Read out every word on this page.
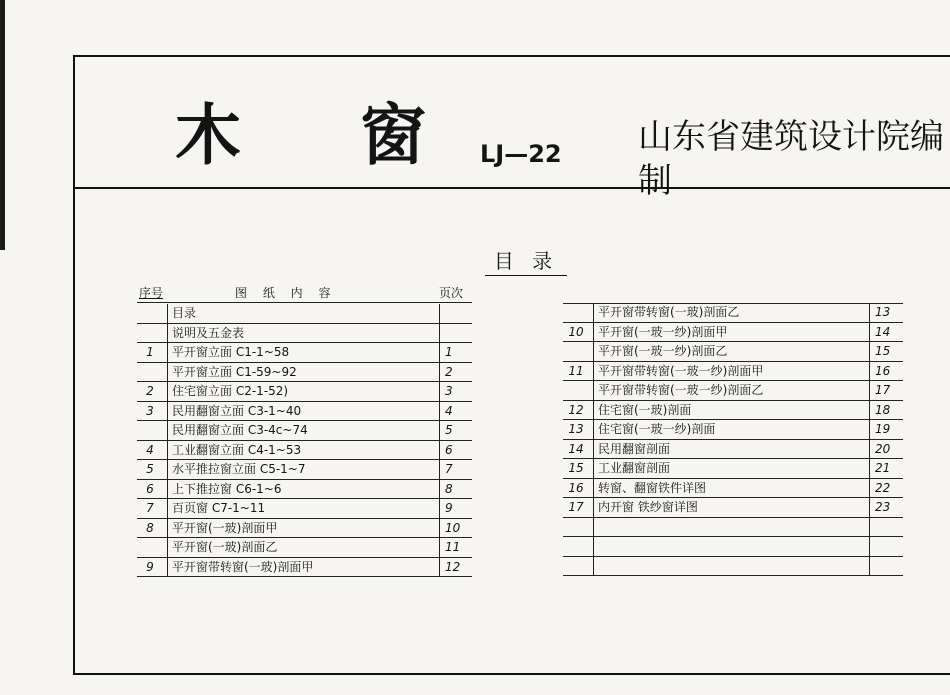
木 窗 LJ—22 山东省建筑设计院编制
目 录
序号	图 纸 内 容	页次
目录
说明及五金表
1	平开窗立面 C1-1~58	1
平开窗立面 C1-59~92	2
2	住宅窗立面 C2-1-52)	3
3	民用翻窗立面 C3-1~40	4
民用翻窗立面 C3-4c~74	5
4	工业翻窗立面 C4-1~53	6
5	水平推拉窗立面 C5-1~7	7
6	上下推拉窗 C6-1~6	8
7	百页窗 C7-1~11	9
8	平开窗(一玻)剖面甲	10
平开窗(一玻)剖面乙	11
9	平开窗带转窗(一玻)剖面甲	12
平开窗带转窗(一玻)剖面乙	13
10	平开窗(一玻一纱)剖面甲	14
平开窗(一玻一纱)剖面乙	15
11	平开窗带转窗(一玻一纱)剖面甲	16
平开窗带转窗(一玻一纱)剖面乙	17
12	住宅窗(一玻)剖面	18
13	住宅窗(一玻一纱)剖面	19
14	民用翻窗剖面	20
15	工业翻窗剖面	21
16	转窗、翻窗铁件详图	22
17	内开窗 铁纱窗详图	23
